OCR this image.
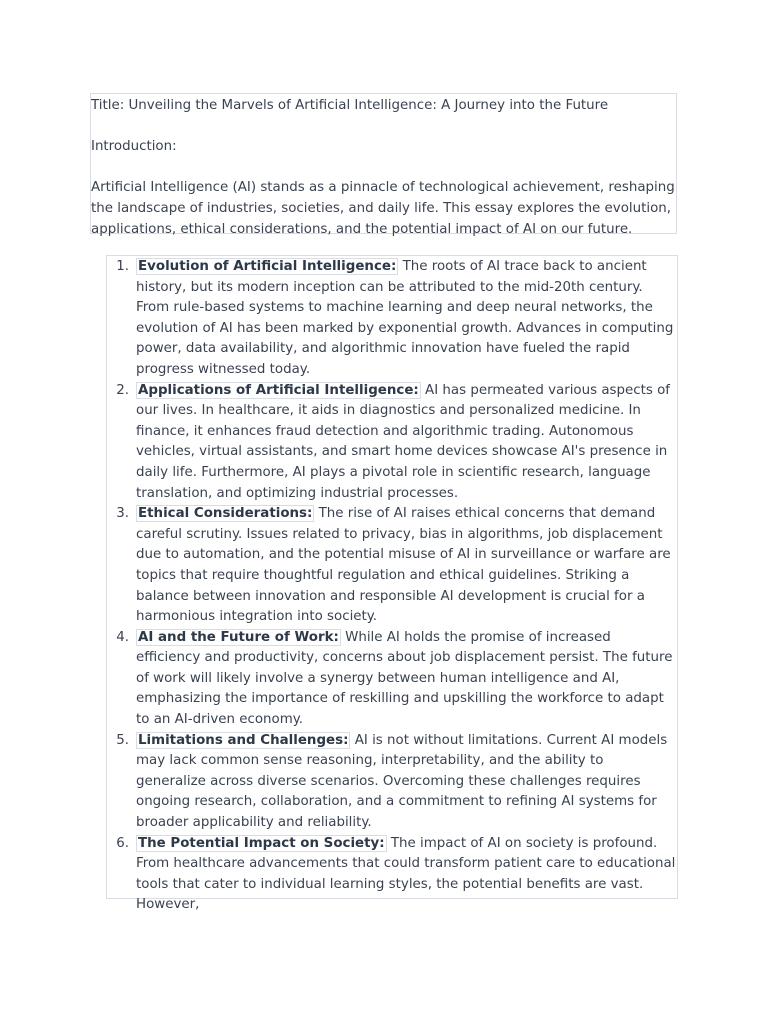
Title: Unveiling the Marvels of Artificial Intelligence: A Journey into the Future

Introduction:

Artificial Intelligence (AI) stands as a pinnacle of technological achievement, reshaping the landscape of industries, societies, and daily life. This essay explores the evolution, applications, ethical considerations, and the potential impact of AI on our future.

1. Evolution of Artificial Intelligence: The roots of AI trace back to ancient history, but its modern inception can be attributed to the mid-20th century. From rule-based systems to machine learning and deep neural networks, the evolution of AI has been marked by exponential growth. Advances in computing power, data availability, and algorithmic innovation have fueled the rapid progress witnessed today.
2. Applications of Artificial Intelligence: AI has permeated various aspects of our lives. In healthcare, it aids in diagnostics and personalized medicine. In finance, it enhances fraud detection and algorithmic trading. Autonomous vehicles, virtual assistants, and smart home devices showcase AI's presence in daily life. Furthermore, AI plays a pivotal role in scientific research, language translation, and optimizing industrial processes.
3. Ethical Considerations: The rise of AI raises ethical concerns that demand careful scrutiny. Issues related to privacy, bias in algorithms, job displacement due to automation, and the potential misuse of AI in surveillance or warfare are topics that require thoughtful regulation and ethical guidelines. Striking a balance between innovation and responsible AI development is crucial for a harmonious integration into society.
4. AI and the Future of Work: While AI holds the promise of increased efficiency and productivity, concerns about job displacement persist. The future of work will likely involve a synergy between human intelligence and AI, emphasizing the importance of reskilling and upskilling the workforce to adapt to an AI-driven economy.
5. Limitations and Challenges: AI is not without limitations. Current AI models may lack common sense reasoning, interpretability, and the ability to generalize across diverse scenarios. Overcoming these challenges requires ongoing research, collaboration, and a commitment to refining AI systems for broader applicability and reliability.
6. The Potential Impact on Society: The impact of AI on society is profound. From healthcare advancements that could transform patient care to educational tools that cater to individual learning styles, the potential benefits are vast. However,
